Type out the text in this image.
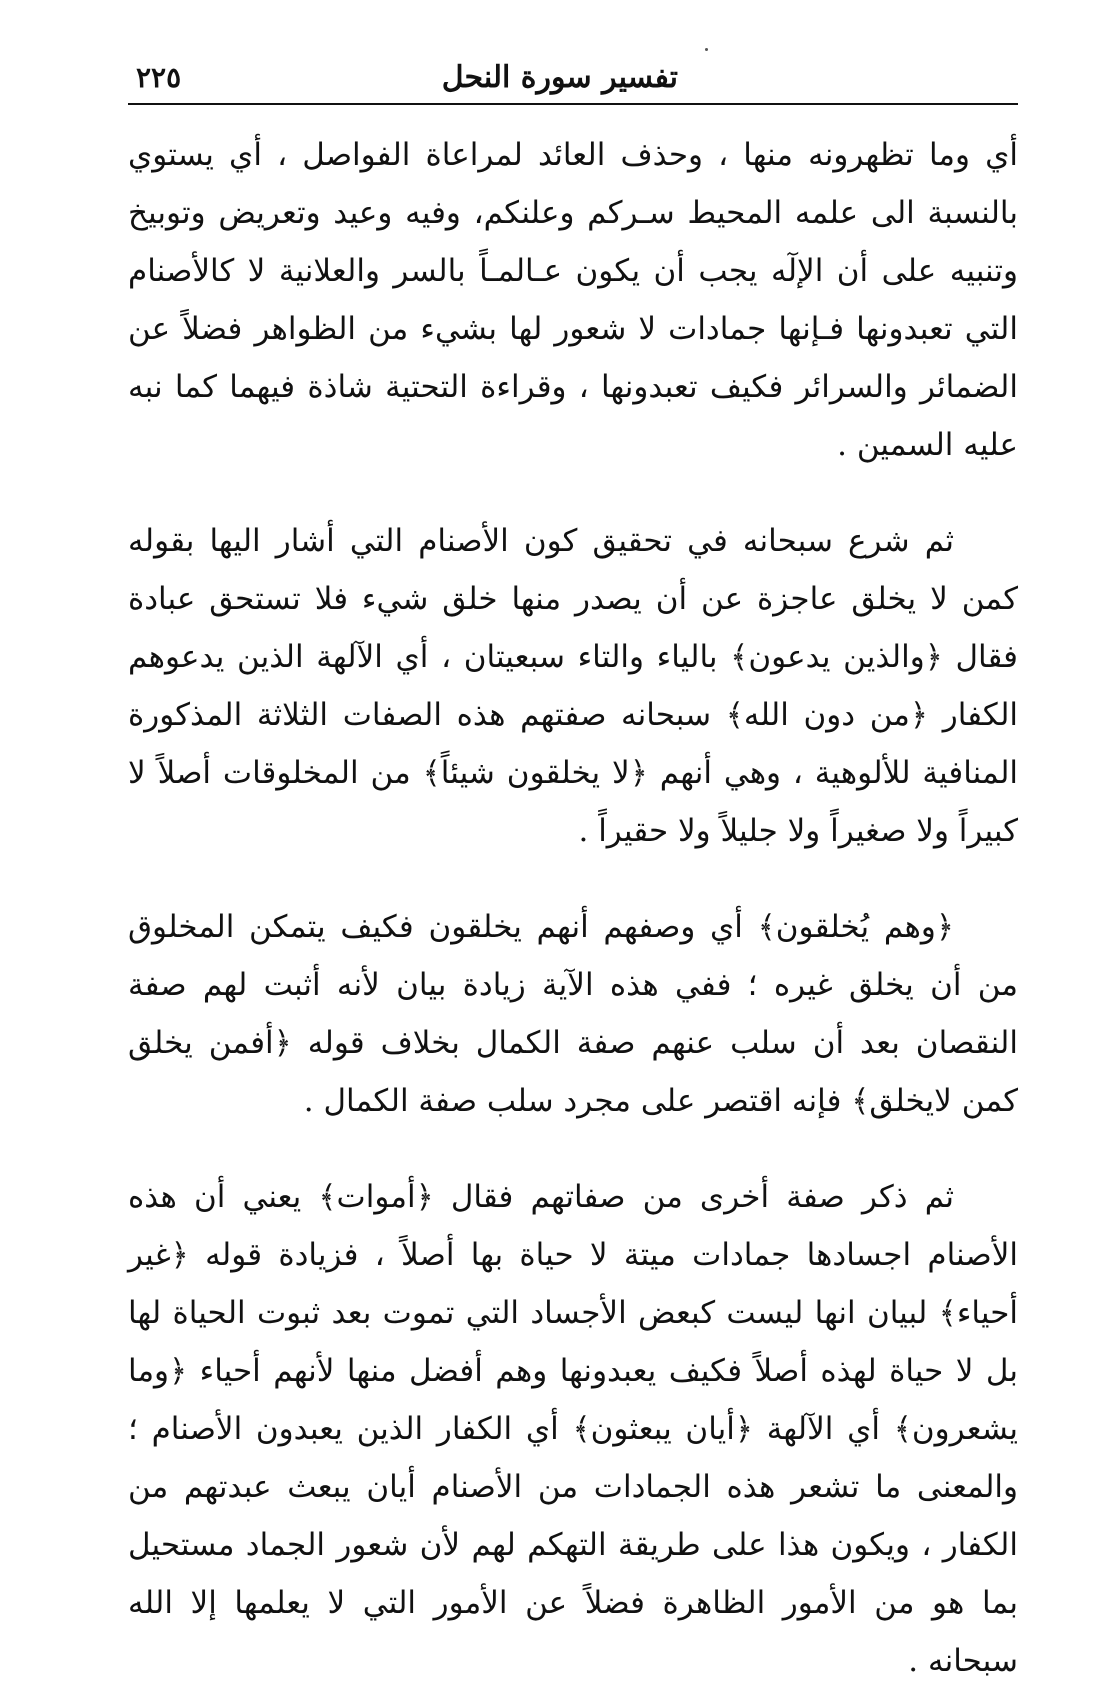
تفسير سورة النحل
٢٢٥

أي وما تظهرونه منها ، وحذف العائد لمراعاة الفواصل ، أي يستوي بالنسبة الى علمه المحيط سـركم وعلنكم، وفيه وعيد وتعريض وتوبيخ وتنبيه على أن الإلٓه يجب أن يكون عـالمـاً بالسر والعلانية لا كالأصنام التي تعبدونها فـإنها جمادات لا شعور لها بشيء من الظواهر فضلاً عن الضمائر والسرائر فكيف تعبدونها ، وقراءة التحتية شاذة فيهما كما نبه عليه السمين .

ثم شرع سبحانه في تحقيق كون الأصنام التي أشار اليها بقوله كمن لا يخلق عاجزة عن أن يصدر منها خلق شيء فلا تستحق عبادة فقال ﴿والذين يدعون﴾ بالياء والتاء سبعيتان ، أي الآلهة الذين يدعوهم الكفار ﴿من دون الله﴾ سبحانه صفتهم هذه الصفات الثلاثة المذكورة المنافية للألوهية ، وهي أنهم ﴿لا يخلقون شيئاً﴾ من المخلوقات أصلاً لا كبيراً ولا صغيراً ولا جليلاً ولا حقيراً .

﴿وهم يُخلقون﴾ أي وصفهم أنهم يخلقون فكيف يتمكن المخلوق من أن يخلق غيره ؛ ففي هذه الآية زيادة بيان لأنه أثبت لهم صفة النقصان بعد أن سلب عنهم صفة الكمال بخلاف قوله ﴿أفمن يخلق كمن لايخلق﴾ فإنه اقتصر على مجرد سلب صفة الكمال .

ثم ذكر صفة أخرى من صفاتهم فقال ﴿أموات﴾ يعني أن هذه الأصنام اجسادها جمادات ميتة لا حياة بها أصلاً ، فزيادة قوله ﴿غير أحياء﴾ لبيان انها ليست كبعض الأجساد التي تموت بعد ثبوت الحياة لها بل لا حياة لهذه أصلاً فكيف يعبدونها وهم أفضل منها لأنهم أحياء ﴿وما يشعرون﴾ أي الآلهة ﴿أيان يبعثون﴾ أي الكفار الذين يعبدون الأصنام ؛ والمعنى ما تشعر هذه الجمادات من الأصنام أيان يبعث عبدتهم من الكفار ، ويكون هذا على طريقة التهكم لهم لأن شعور الجماد مستحيل بما هو من الأمور الظاهرة فضلاً عن الأمور التي لا يعلمها إلا الله سبحانه .
